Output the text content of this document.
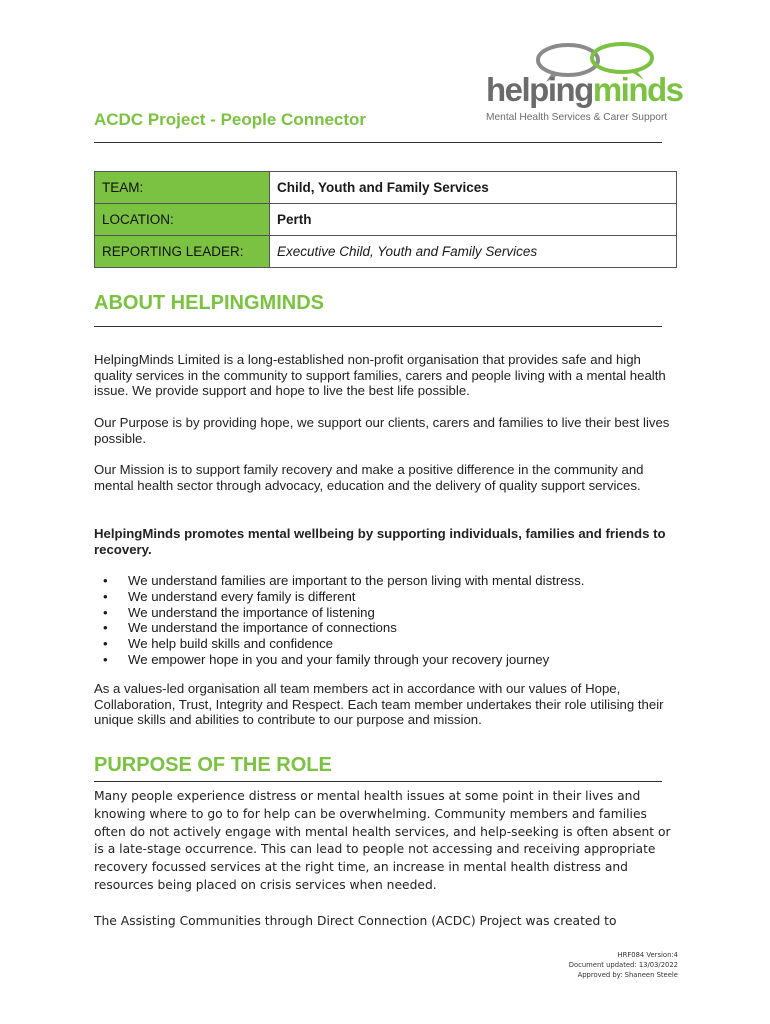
helpingminds
Mental Health Services & Carer Support
ACDC Project - People Connector
TEAM:	Child, Youth and Family Services
LOCATION:	Perth
REPORTING LEADER:	Executive Child, Youth and Family Services
ABOUT HELPINGMINDS
HelpingMinds Limited is a long-established non-profit organisation that provides safe and high quality services in the community to support families, carers and people living with a mental health issue. We provide support and hope to live the best life possible.
Our Purpose is by providing hope, we support our clients, carers and families to live their best lives possible.
Our Mission is to support family recovery and make a positive difference in the community and mental health sector through advocacy, education and the delivery of quality support services.
HelpingMinds promotes mental wellbeing by supporting individuals, families and friends to recovery.
• We understand families are important to the person living with mental distress.
• We understand every family is different
• We understand the importance of listening
• We understand the importance of connections
• We help build skills and confidence
• We empower hope in you and your family through your recovery journey
As a values-led organisation all team members act in accordance with our values of Hope, Collaboration, Trust, Integrity and Respect. Each team member undertakes their role utilising their unique skills and abilities to contribute to our purpose and mission.
PURPOSE OF THE ROLE
Many people experience distress or mental health issues at some point in their lives and knowing where to go to for help can be overwhelming. Community members and families often do not actively engage with mental health services, and help-seeking is often absent or is a late-stage occurrence. This can lead to people not accessing and receiving appropriate recovery focussed services at the right time, an increase in mental health distress and resources being placed on crisis services when needed.
The Assisting Communities through Direct Connection (ACDC) Project was created to
HRF084 Version:4
Document updated: 13/03/2022
Approved by: Shaneen Steele
